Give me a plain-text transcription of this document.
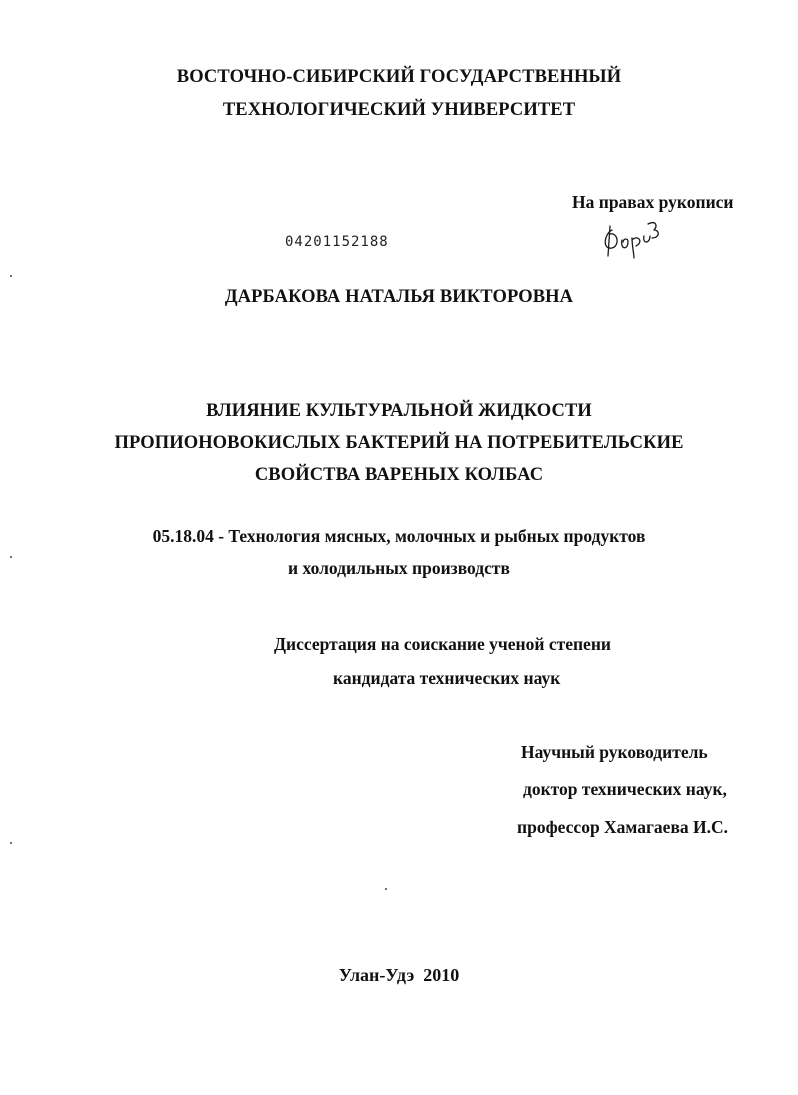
ВОСТОЧНО-СИБИРСКИЙ ГОСУДАРСТВЕННЫЙ
ТЕХНОЛОГИЧЕСКИЙ УНИВЕРСИТЕТ
На правах рукописи
04201152188
ДАРБАКОВА НАТАЛЬЯ ВИКТОРОВНА
ВЛИЯНИЕ КУЛЬТУРАЛЬНОЙ ЖИДКОСТИ
ПРОПИОНОВОКИСЛЫХ БАКТЕРИЙ НА ПОТРЕБИТЕЛЬСКИЕ
СВОЙСТВА ВАРЕНЫХ КОЛБАС
05.18.04 - Технология мясных, молочных и рыбных продуктов
и холодильных производств
Диссертация на соискание ученой степени
кандидата технических наук
Научный руководитель
доктор технических наук,
профессор Хамагаева И.С.
Улан-Удэ  2010
